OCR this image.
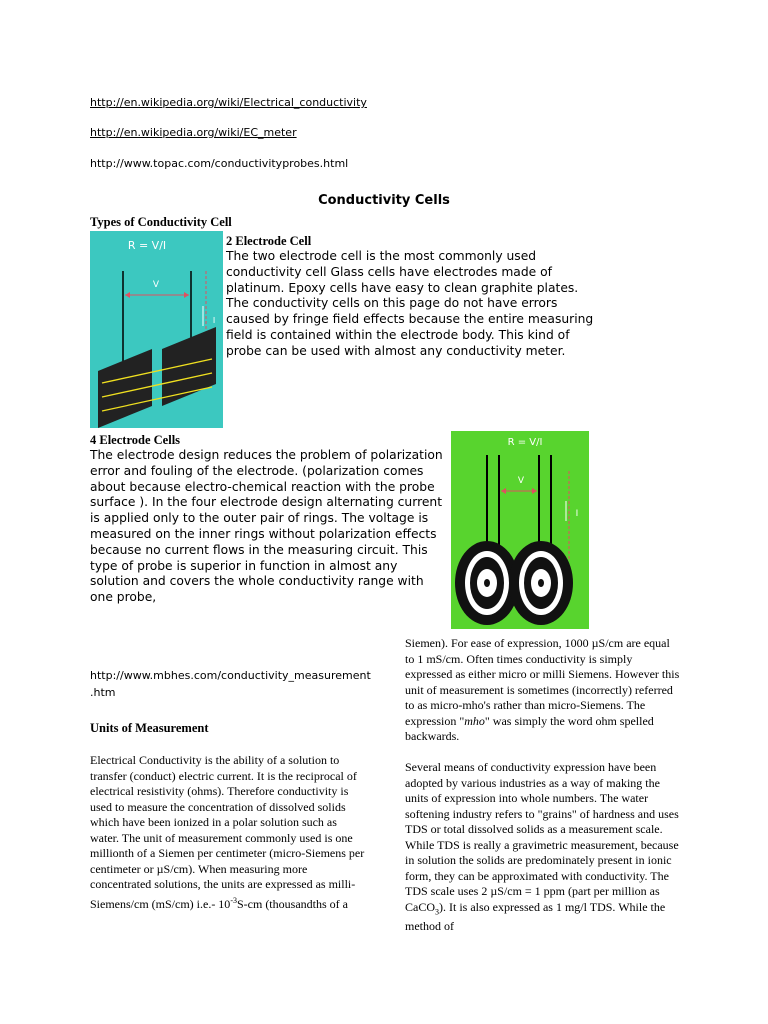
http://en.wikipedia.org/wiki/Electrical_conductivity
http://en.wikipedia.org/wiki/EC_meter
http://www.topac.com/conductivityprobes.html
Conductivity Cells
Types of Conductivity Cell
R = V/I
V
I
2 Electrode Cell
The two electrode cell is the most commonly used conductivity cell Glass cells have electrodes made of platinum. Epoxy cells have easy to clean graphite plates. The conductivity cells on this page do not have errors caused by fringe field effects because the entire measuring field is contained within the electrode body. This kind of probe can be used with almost any conductivity meter.
4 Electrode Cells
The electrode design reduces the problem of polarization error and fouling of the electrode. (polarization comes about because electro-chemical reaction with the probe surface ). In the four electrode design alternating current is applied only to the outer pair of rings. The voltage is measured on the inner rings without polarization effects because no current flows in the measuring circuit. This type of probe is superior in function in almost any solution and covers the whole conductivity range with one probe,
R = V/I
V
I
http://www.mbhes.com/conductivity_measurement
.htm
Units of Measurement
Electrical Conductivity is the ability of a solution to transfer (conduct) electric current. It is the reciprocal of electrical resistivity (ohms). Therefore conductivity is used to measure the concentration of dissolved solids which have been ionized in a polar solution such as water. The unit of measurement commonly used is one millionth of a Siemen per centimeter (micro-Siemens per centimeter or µS/cm). When measuring more concentrated solutions, the units are expressed as milli-Siemens/cm (mS/cm) i.e.- $10^{-3}S-cm$ (thousandths of a
Siemen). For ease of expression, 1000 µS/cm are equal to 1 mS/cm. Often times conductivity is simply expressed as either micro or milli Siemens. However this unit of measurement is sometimes (incorrectly) referred to as micro-mho's rather than micro-Siemens. The expression "mho" was simply the word ohm spelled backwards.
Several means of conductivity expression have been adopted by various industries as a way of making the units of expression into whole numbers. The water softening industry refers to "grains" of hardness and uses TDS or total dissolved solids as a measurement scale. While TDS is really a gravimetric measurement, because in solution the solids are predominately present in ionic form, they can be approximated with conductivity. The TDS scale uses 2 µS/cm = 1 ppm (part per million as CaCO$_3$). It is also expressed as 1 mg/l TDS. While the method of
